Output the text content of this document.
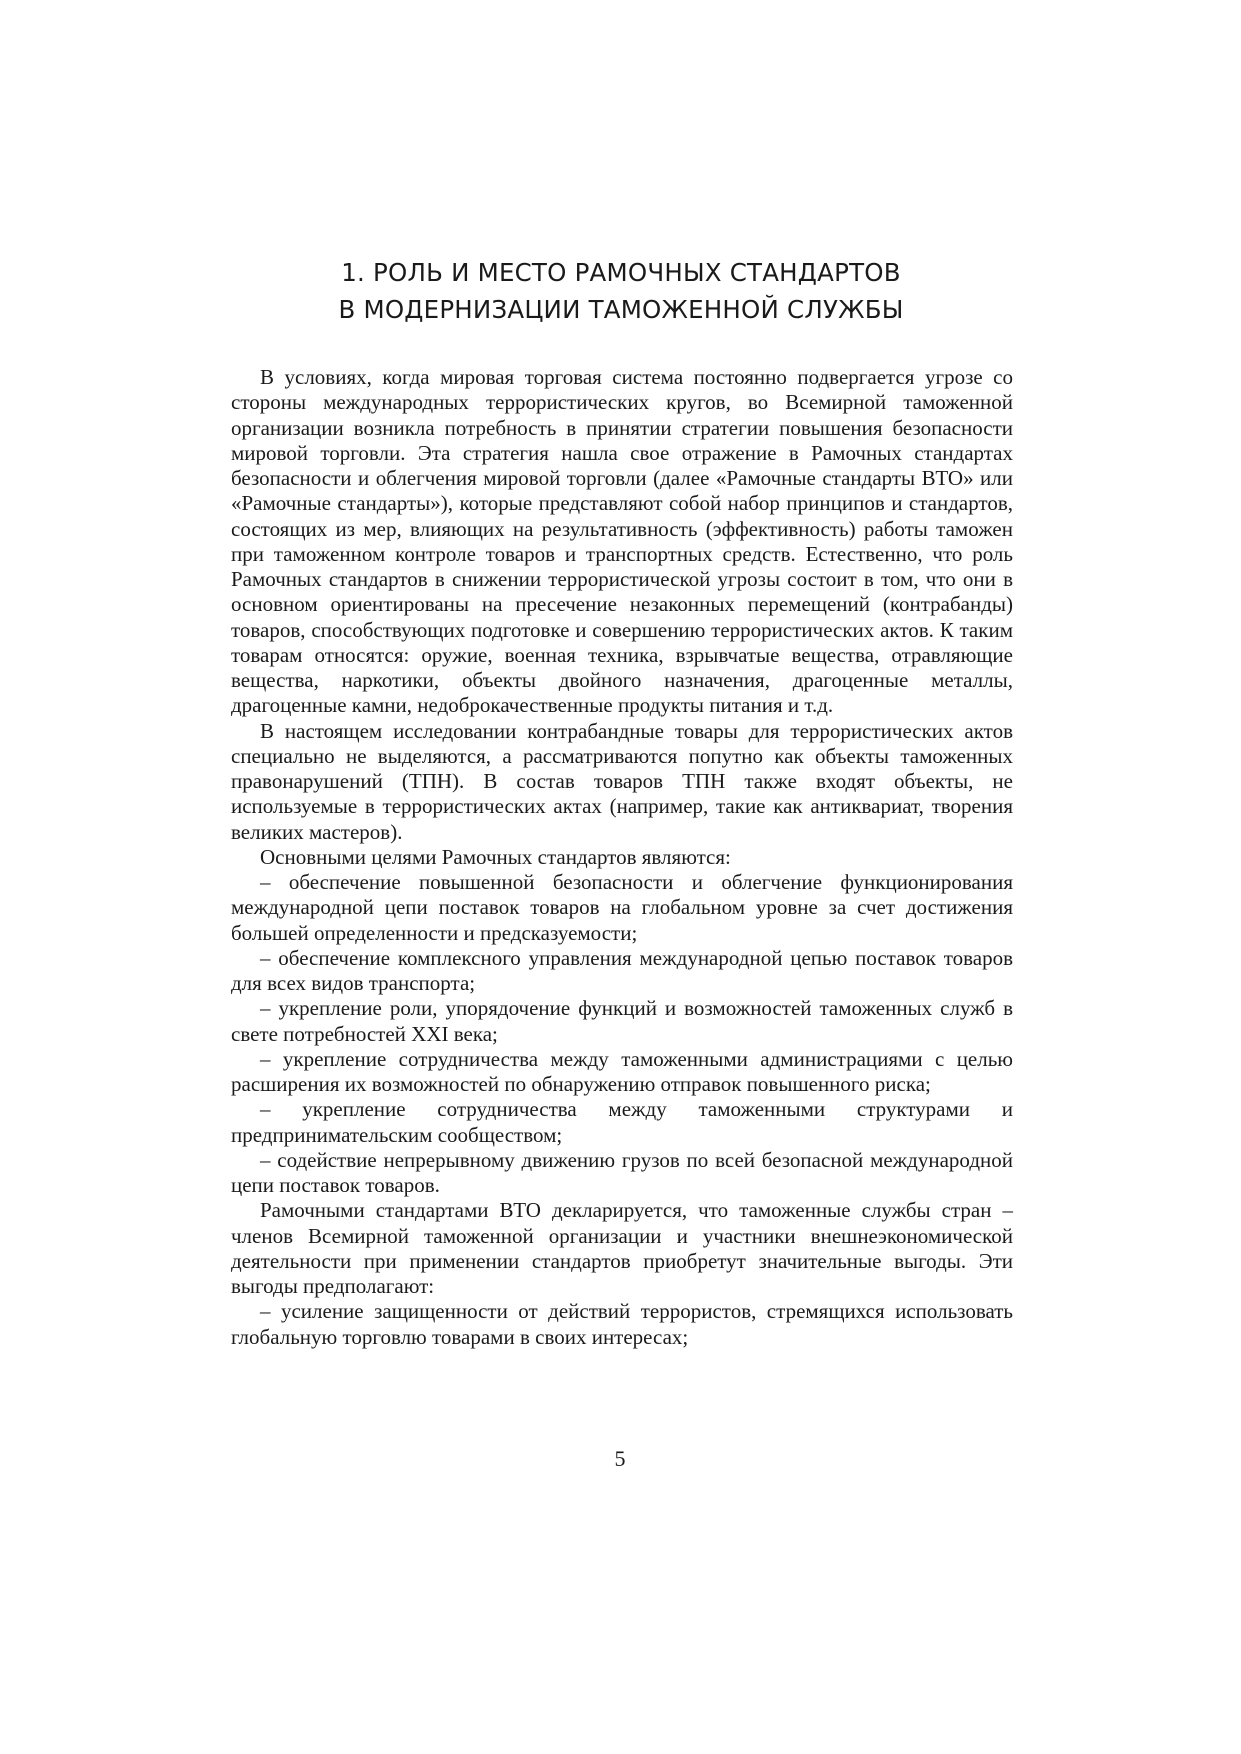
1. РОЛЬ И МЕСТО РАМОЧНЫХ СТАНДАРТОВ
В МОДЕРНИЗАЦИИ ТАМОЖЕННОЙ СЛУЖБЫ

В условиях, когда мировая торговая система постоянно подвергается угрозе со стороны международных террористических кругов, во Всемирной таможенной организации возникла потребность в принятии стратегии повышения безопасности мировой торговли. Эта стратегия нашла свое отражение в Рамочных стандартах безопасности и облегчения мировой торговли (далее «Рамочные стандарты ВТО» или «Рамочные стандарты»), которые представляют собой набор принципов и стандартов, состоящих из мер, влияющих на результативность (эффективность) работы таможен при таможенном контроле товаров и транспортных средств. Естественно, что роль Рамочных стандартов в снижении террористической угрозы состоит в том, что они в основном ориентированы на пресечение незаконных перемещений (контрабанды) товаров, способствующих подготовке и совершению террористических актов. К таким товарам относятся: оружие, военная техника, взрывчатые вещества, отравляющие вещества, наркотики, объекты двойного назначения, драгоценные металлы, драгоценные камни, недоброкачественные продукты питания и т.д.

В настоящем исследовании контрабандные товары для террористических актов специально не выделяются, а рассматриваются попутно как объекты таможенных правонарушений (ТПН). В состав товаров ТПН также входят объекты, не используемые в террористических актах (например, такие как антиквариат, творения великих мастеров).

Основными целями Рамочных стандартов являются:

– обеспечение повышенной безопасности и облегчение функционирования международной цепи поставок товаров на глобальном уровне за счет достижения большей определенности и предсказуемости;

– обеспечение комплексного управления международной цепью поставок товаров для всех видов транспорта;

– укрепление роли, упорядочение функций и возможностей таможенных служб в свете потребностей XXI века;

– укрепление сотрудничества между таможенными администрациями с целью расширения их возможностей по обнаружению отправок повышенного риска;

– укрепление сотрудничества между таможенными структурами и предпринимательским сообществом;

– содействие непрерывному движению грузов по всей безопасной международной цепи поставок товаров.

Рамочными стандартами ВТО декларируется, что таможенные службы стран – членов Всемирной таможенной организации и участники внешнеэкономической деятельности при применении стандартов приобретут значительные выгоды. Эти выгоды предполагают:

– усиление защищенности от действий террористов, стремящихся использовать глобальную торговлю товарами в своих интересах;

5
